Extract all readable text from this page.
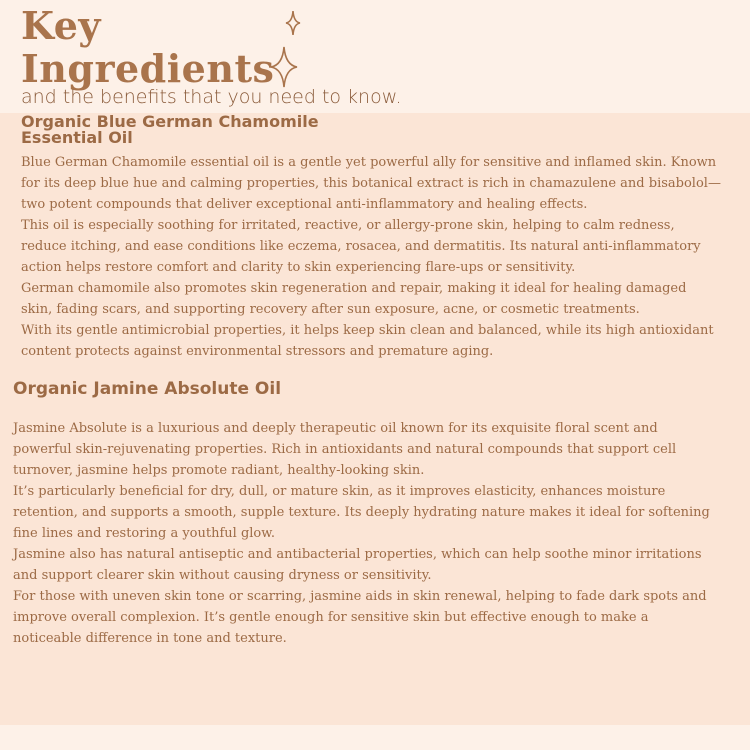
Key
Ingredients

and the benefits that you need to know.

Organic Blue German Chamomile
Essential Oil

Blue German Chamomile essential oil is a gentle yet powerful ally for sensitive and inflamed skin. Known for its deep blue hue and calming properties, this botanical extract is rich in chamazulene and bisabolol—two potent compounds that deliver exceptional anti-inflammatory and healing effects.

This oil is especially soothing for irritated, reactive, or allergy-prone skin, helping to calm redness, reduce itching, and ease conditions like eczema, rosacea, and dermatitis. Its natural anti-inflammatory action helps restore comfort and clarity to skin experiencing flare-ups or sensitivity.

German chamomile also promotes skin regeneration and repair, making it ideal for healing damaged skin, fading scars, and supporting recovery after sun exposure, acne, or cosmetic treatments.

With its gentle antimicrobial properties, it helps keep skin clean and balanced, while its high antioxidant content protects against environmental stressors and premature aging.

Organic Jamine Absolute Oil

Jasmine Absolute is a luxurious and deeply therapeutic oil known for its exquisite floral scent and powerful skin-rejuvenating properties. Rich in antioxidants and natural compounds that support cell turnover, jasmine helps promote radiant, healthy-looking skin.

It’s particularly beneficial for dry, dull, or mature skin, as it improves elasticity, enhances moisture retention, and supports a smooth, supple texture. Its deeply hydrating nature makes it ideal for softening fine lines and restoring a youthful glow.

Jasmine also has natural antiseptic and antibacterial properties, which can help soothe minor irritations and support clearer skin without causing dryness or sensitivity.

For those with uneven skin tone or scarring, jasmine aids in skin renewal, helping to fade dark spots and improve overall complexion. It’s gentle enough for sensitive skin but effective enough to make a noticeable difference in tone and texture.
